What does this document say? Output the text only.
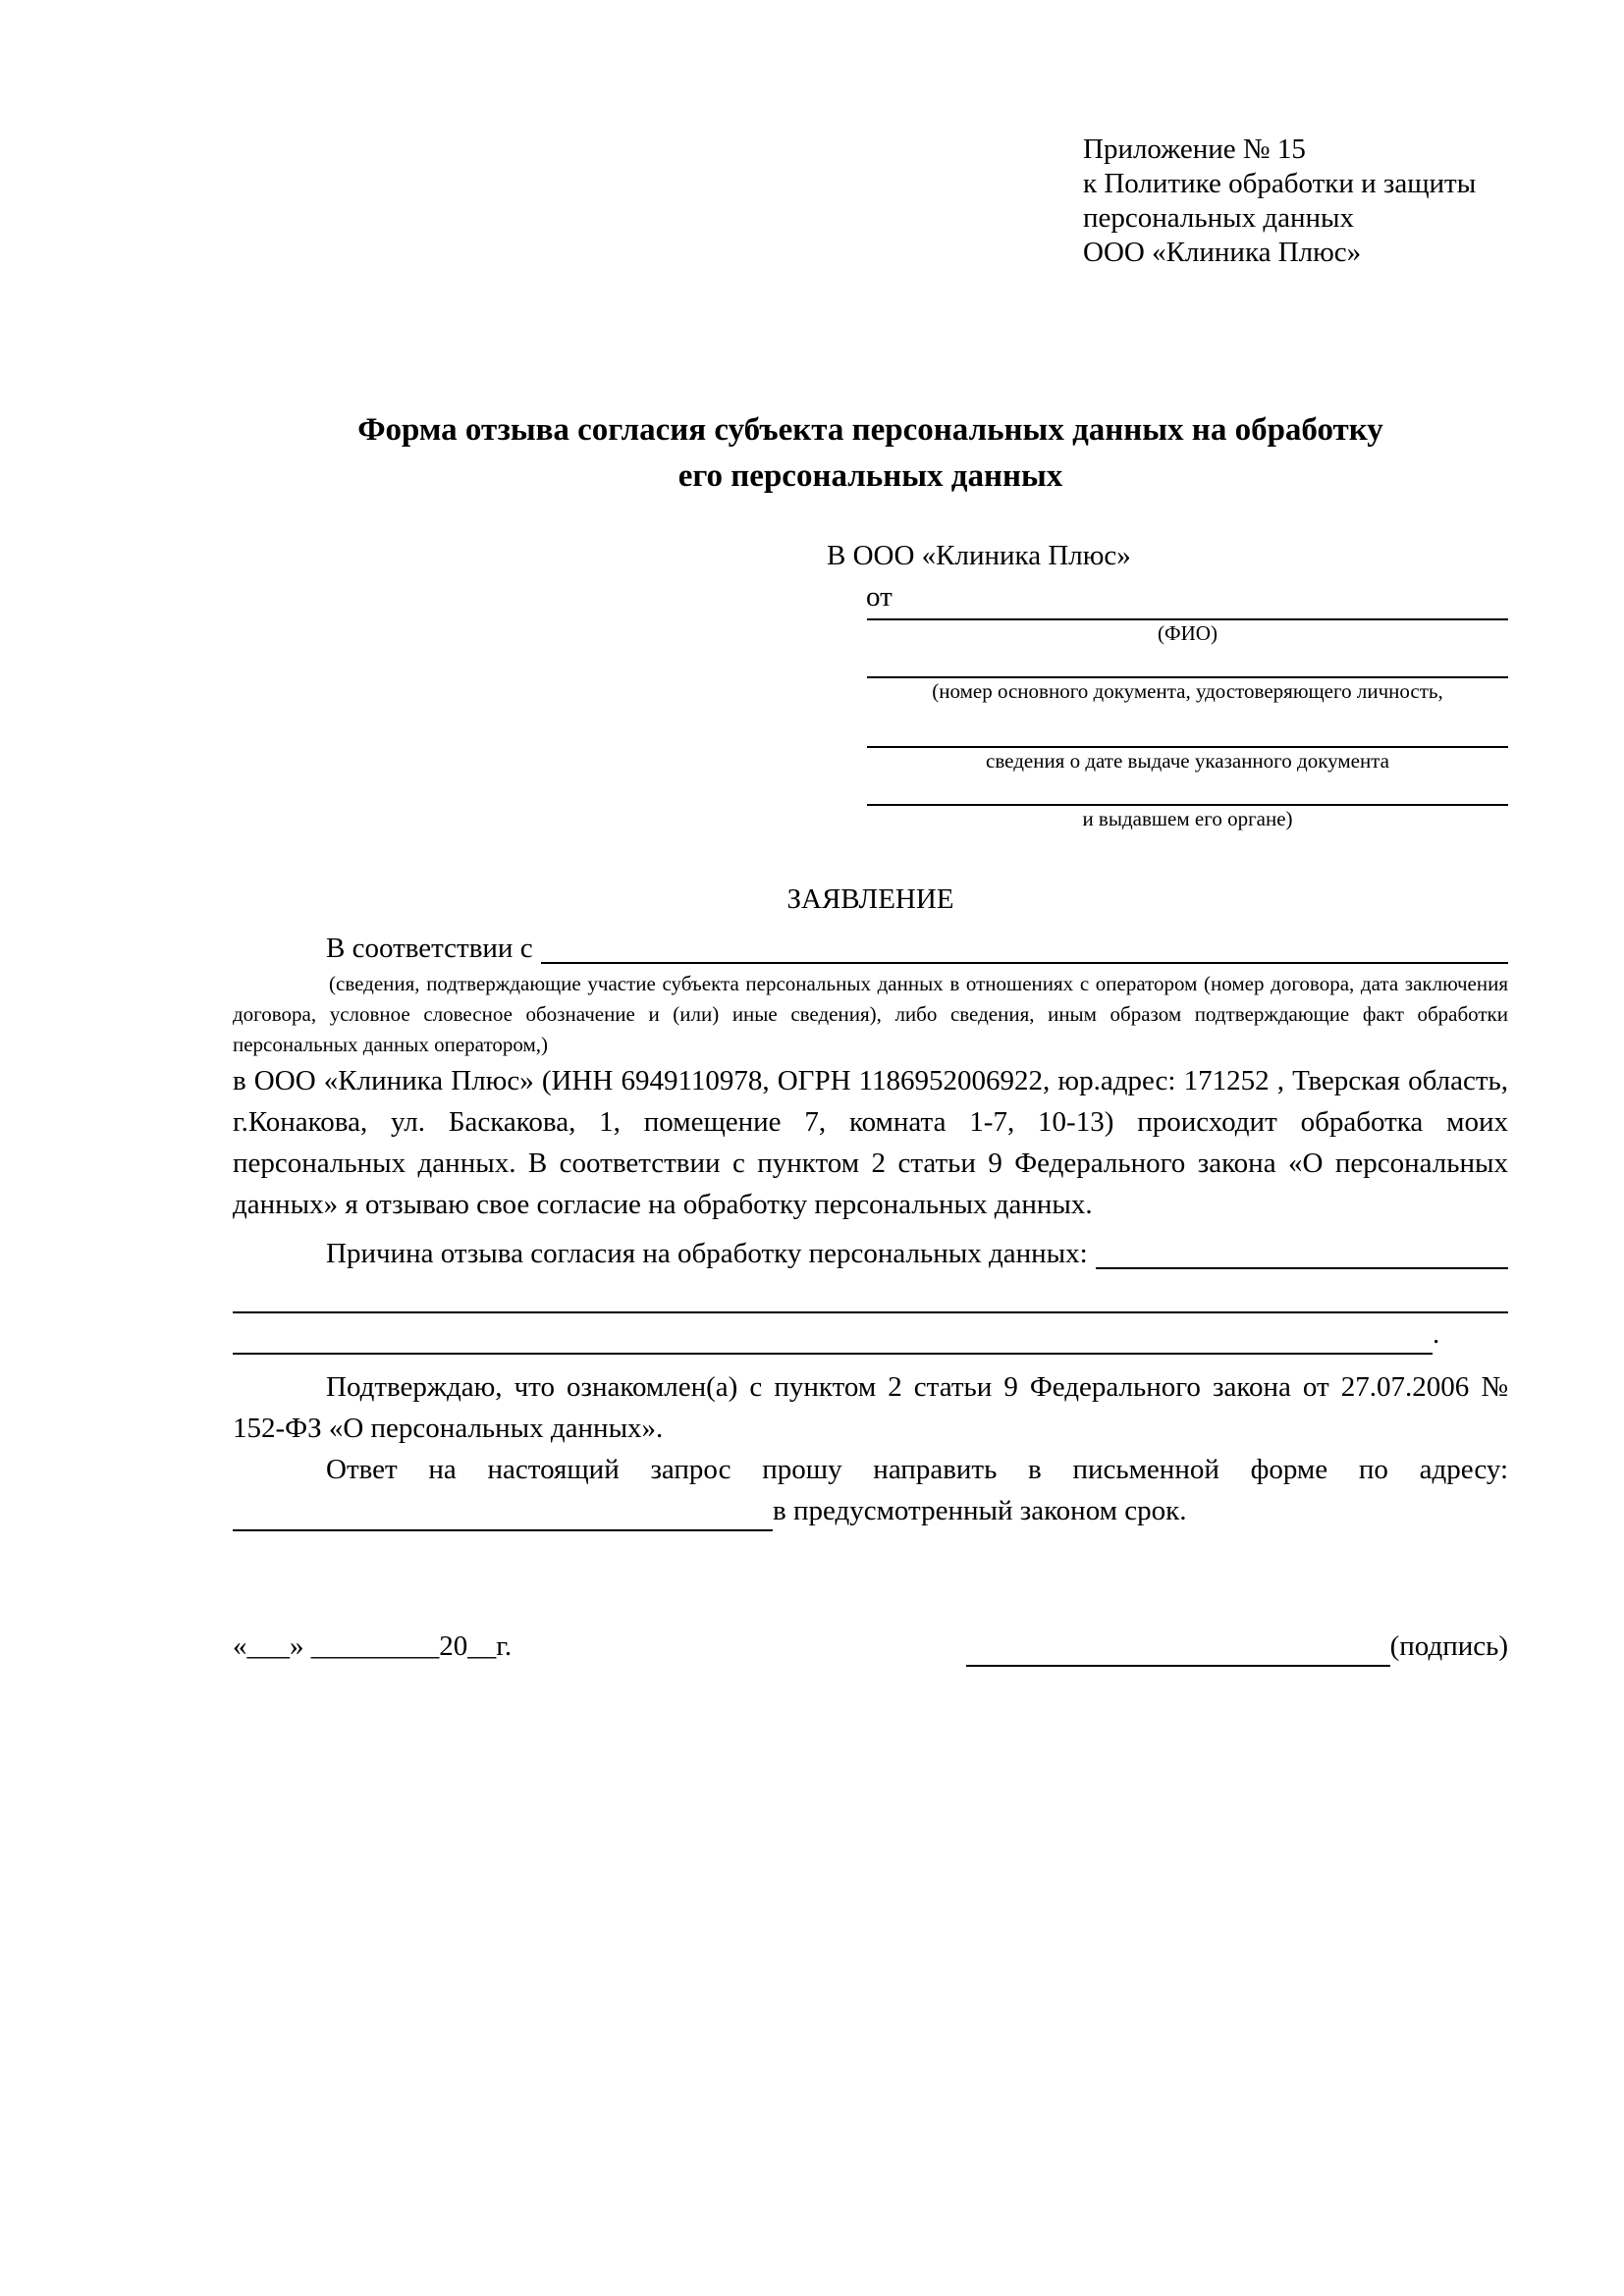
Приложение № 15
к Политике обработки и защиты
персональных данных
ООО «Клиника Плюс»
Форма отзыва согласия субъекта персональных данных на обработку
его персональных данных
В ООО «Клиника Плюс»
от
(ФИО)
(номер основного документа, удостоверяющего личность,
сведения о дате выдаче указанного документа
и выдавшем его органе)
ЗАЯВЛЕНИЕ
В соответствии с

(сведения, подтверждающие участие субъекта персональных данных в отношениях с оператором (номер договора, дата заключения договора, условное словесное обозначение и (или) иные сведения), либо сведения, иным образом подтверждающие факт обработки персональных данных оператором,)

в ООО «Клиника Плюс» (ИНН 6949110978, ОГРН 1186952006922, юр.адрес: 171252 , Тверская область, г.Конакова, ул. Баскакова, 1, помещение 7, комната 1-7, 10-13) происходит обработка моих персональных данных. В соответствии с пунктом 2 статьи 9 Федерального закона «О персональных данных» я отзываю свое согласие на обработку персональных данных.

Причина отзыва согласия на обработку персональных данных:
.

Подтверждаю, что ознакомлен(а) с пунктом 2 статьи 9 Федерального закона от 27.07.2006 № 152-ФЗ «О персональных данных».

Ответ на настоящий запрос прошу направить в письменной форме по адресу:
в предусмотренный законом срок.
«___» _________20__г.	(подпись)
